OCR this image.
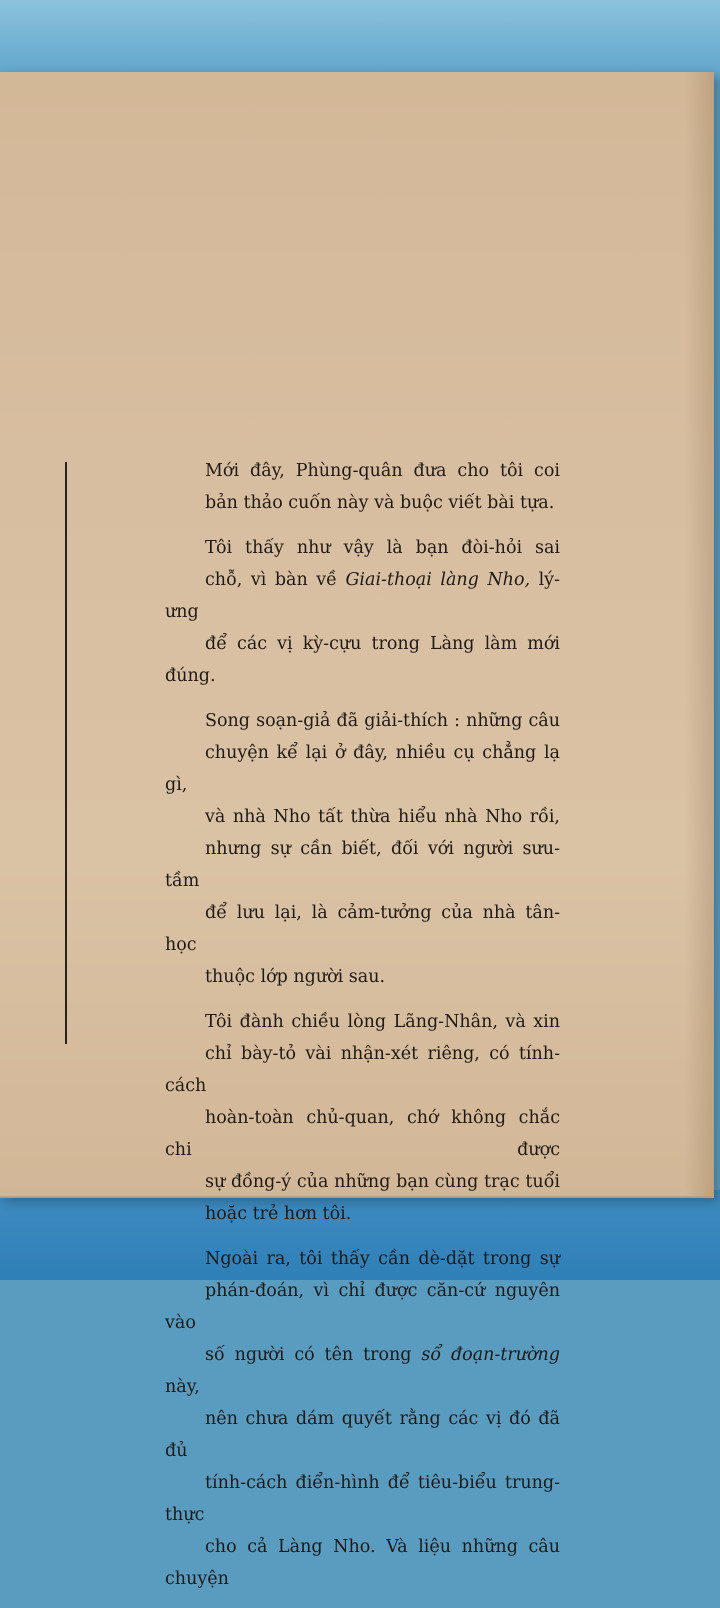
Mới đây, Phùng-quân đưa cho tôi coi
bản thảo cuốn này và buộc viết bài tựa.
Tôi thấy như vậy là bạn đòi-hỏi sai
chỗ, vì bàn về Giai-thoại làng Nho, lý-ưng
để các vị kỳ-cựu trong Làng làm mới đúng.
Song soạn-giả đã giải-thích : những câu
chuyện kể lại ở đây, nhiều cụ chẳng lạ gì,
và nhà Nho tất thừa hiểu nhà Nho rồi,
nhưng sự cần biết, đối với người sưu-tầm
để lưu lại, là cảm-tưởng của nhà tân-học
thuộc lớp người sau.
Tôi đành chiều lòng Lãng-Nhân, và xin
chỉ bày-tỏ vài nhận-xét riêng, có tính-cách
hoàn-toàn chủ-quan, chớ không chắc chi được
sự đồng-ý của những bạn cùng trạc tuổi
hoặc trẻ hơn tôi.
Ngoài ra, tôi thấy cần dè-dặt trong sự
phán-đoán, vì chỉ được căn-cứ nguyên vào
số người có tên trong sổ đoạn-trường này,
nên chưa dám quyết rằng các vị đó đã đủ
tính-cách điển-hình để tiêu-biểu trung-thực
cho cả Làng Nho. Và liệu những câu chuyện
